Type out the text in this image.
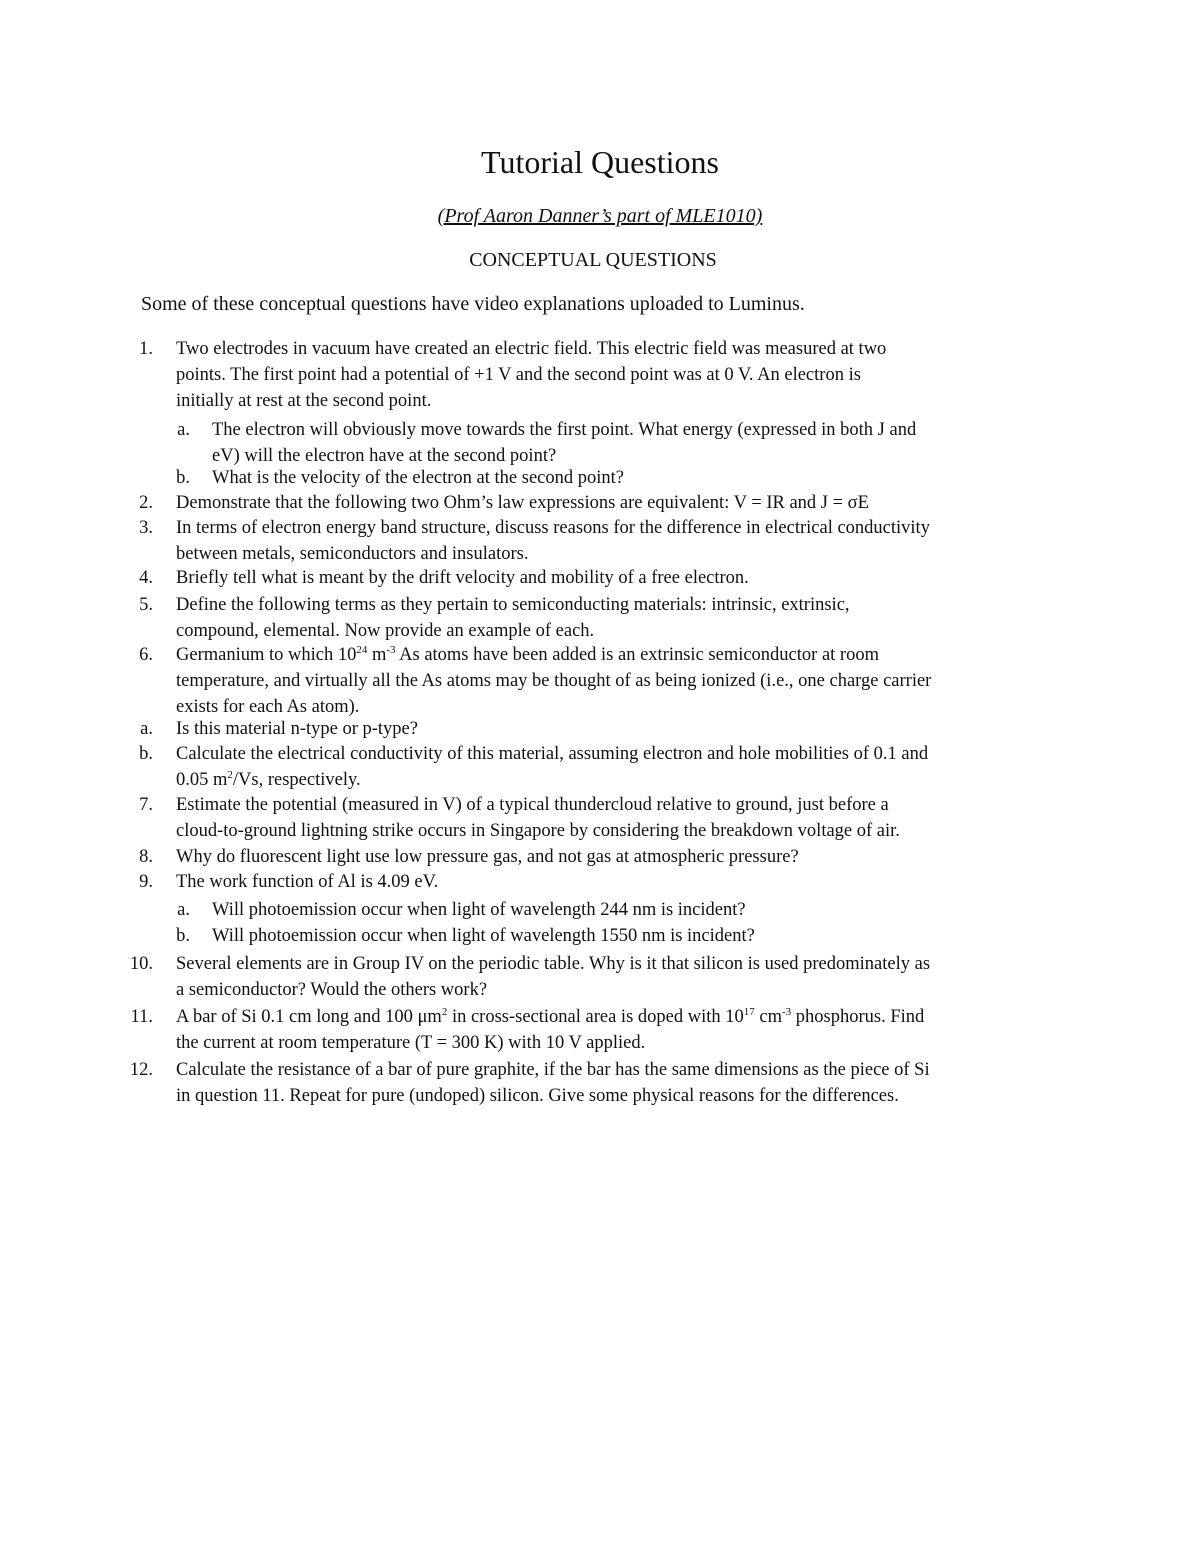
Tutorial Questions
(Prof Aaron Danner’s part of MLE1010)
CONCEPTUAL QUESTIONS
Some of these conceptual questions have video explanations uploaded to Luminus.
1. Two electrodes in vacuum have created an electric field. This electric field was measured at two
points. The first point had a potential of +1 V and the second point was at 0 V. An electron is
initially at rest at the second point.
a. The electron will obviously move towards the first point. What energy (expressed in both J and
eV) will the electron have at the second point?
b. What is the velocity of the electron at the second point?
2. Demonstrate that the following two Ohm’s law expressions are equivalent: V = IR and J = σE
3. In terms of electron energy band structure, discuss reasons for the difference in electrical conductivity
between metals, semiconductors and insulators.
4. Briefly tell what is meant by the drift velocity and mobility of a free electron.
5. Define the following terms as they pertain to semiconducting materials: intrinsic, extrinsic,
compound, elemental. Now provide an example of each.
6. Germanium to which $10^{24}$ $m^{-3}$ As atoms have been added is an extrinsic semiconductor at room
temperature, and virtually all the As atoms may be thought of as being ionized (i.e., one charge carrier
exists for each As atom).
a. Is this material n-type or p-type?
b. Calculate the electrical conductivity of this material, assuming electron and hole mobilities of 0.1 and
0.05 $m^2/Vs$, respectively.
7. Estimate the potential (measured in V) of a typical thundercloud relative to ground, just before a
cloud-to-ground lightning strike occurs in Singapore by considering the breakdown voltage of air.
8. Why do fluorescent light use low pressure gas, and not gas at atmospheric pressure?
9. The work function of Al is 4.09 eV.
a. Will photoemission occur when light of wavelength 244 nm is incident?
b. Will photoemission occur when light of wavelength 1550 nm is incident?
10. Several elements are in Group IV on the periodic table. Why is it that silicon is used predominately as
a semiconductor? Would the others work?
11. A bar of Si 0.1 cm long and 100 $\mu m^2$ in cross-sectional area is doped with $10^{17}$ $cm^{-3}$ phosphorus. Find
the current at room temperature (T = 300 K) with 10 V applied.
12. Calculate the resistance of a bar of pure graphite, if the bar has the same dimensions as the piece of Si
in question 11. Repeat for pure (undoped) silicon. Give some physical reasons for the differences.
